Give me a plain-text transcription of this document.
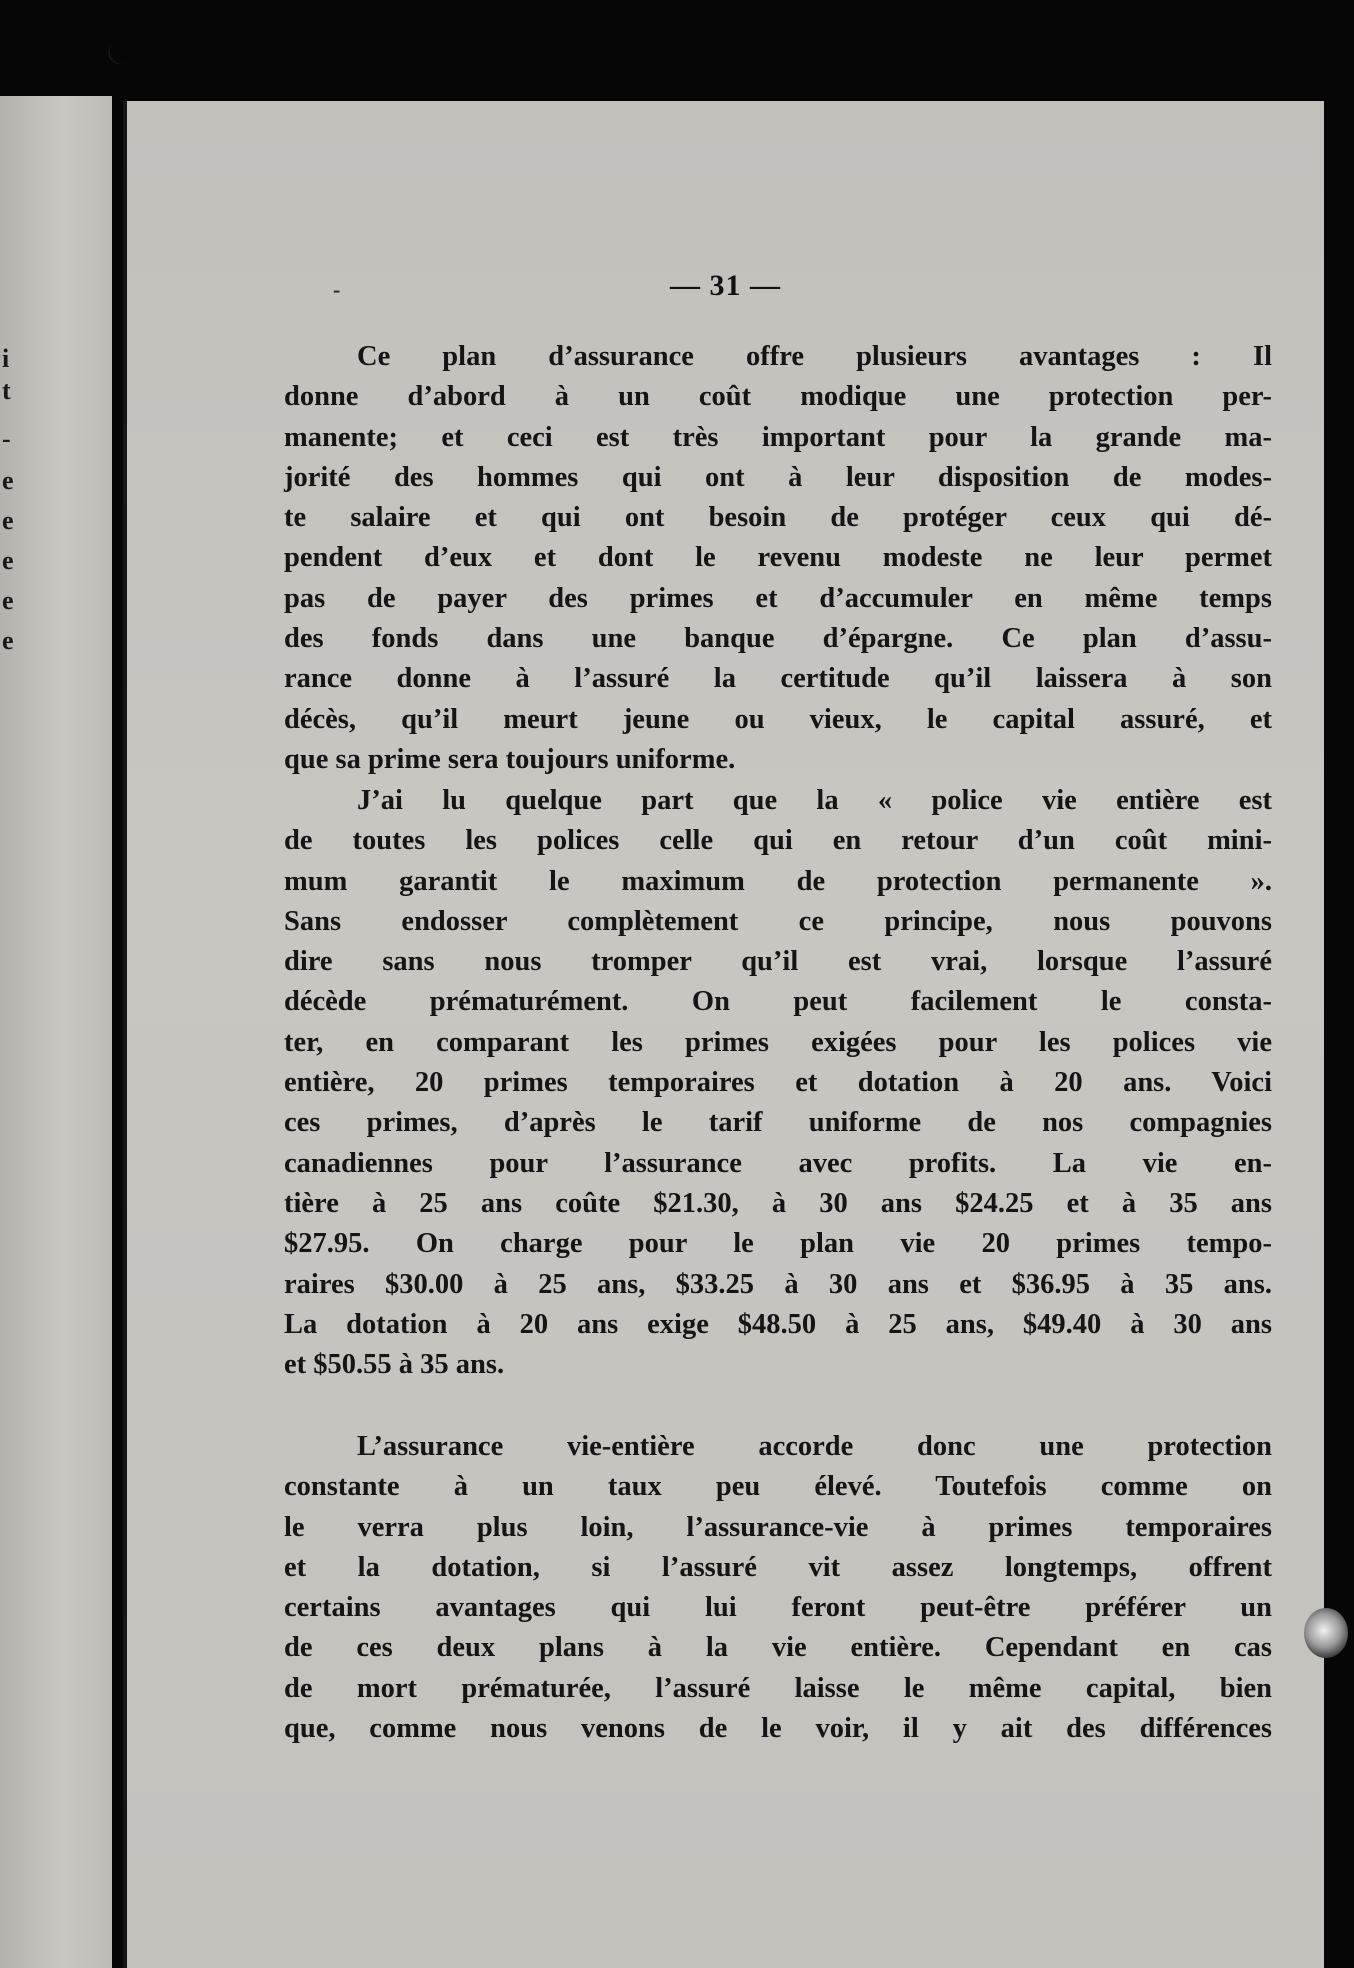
i
t
-
e
e
e
e
e
-	— 31 —

Ce plan d’assurance offre plusieurs avantages : Il
donne d’abord à un coût modique une protection per-
manente; et ceci est très important pour la grande ma-
jorité des hommes qui ont à leur disposition de modes-
te salaire et qui ont besoin de protéger ceux qui dé-
pendent d’eux et dont le revenu modeste ne leur permet
pas de payer des primes et d’accumuler en même temps
des fonds dans une banque d’épargne. Ce plan d’assu-
rance donne à l’assuré la certitude qu’il laissera à son
décès, qu’il meurt jeune ou vieux, le capital assuré, et
que sa prime sera toujours uniforme.

J’ai lu quelque part que la « police vie entière est
de toutes les polices celle qui en retour d’un coût mini-
mum garantit le maximum de protection permanente ».
Sans endosser complètement ce principe, nous pouvons
dire sans nous tromper qu’il est vrai, lorsque l’assuré
décède prématurément. On peut facilement le consta-
ter, en comparant les primes exigées pour les polices vie
entière, 20 primes temporaires et dotation à 20 ans. Voici
ces primes, d’après le tarif uniforme de nos compagnies
canadiennes pour l’assurance avec profits. La vie en-
tière à 25 ans coûte $21.30, à 30 ans $24.25 et à 35 ans
$27.95. On charge pour le plan vie 20 primes tempo-
raires $30.00 à 25 ans, $33.25 à 30 ans et $36.95 à 35 ans.
La dotation à 20 ans exige $48.50 à 25 ans, $49.40 à 30 ans
et $50.55 à 35 ans.

L’assurance vie-entière accorde donc une protection
constante à un taux peu élevé. Toutefois comme on
le verra plus loin, l’assurance-vie à primes temporaires
et la dotation, si l’assuré vit assez longtemps, offrent
certains avantages qui lui feront peut-être préférer un
de ces deux plans à la vie entière. Cependant en cas
de mort prématurée, l’assuré laisse le même capital, bien
que, comme nous venons de le voir, il y ait des différences
